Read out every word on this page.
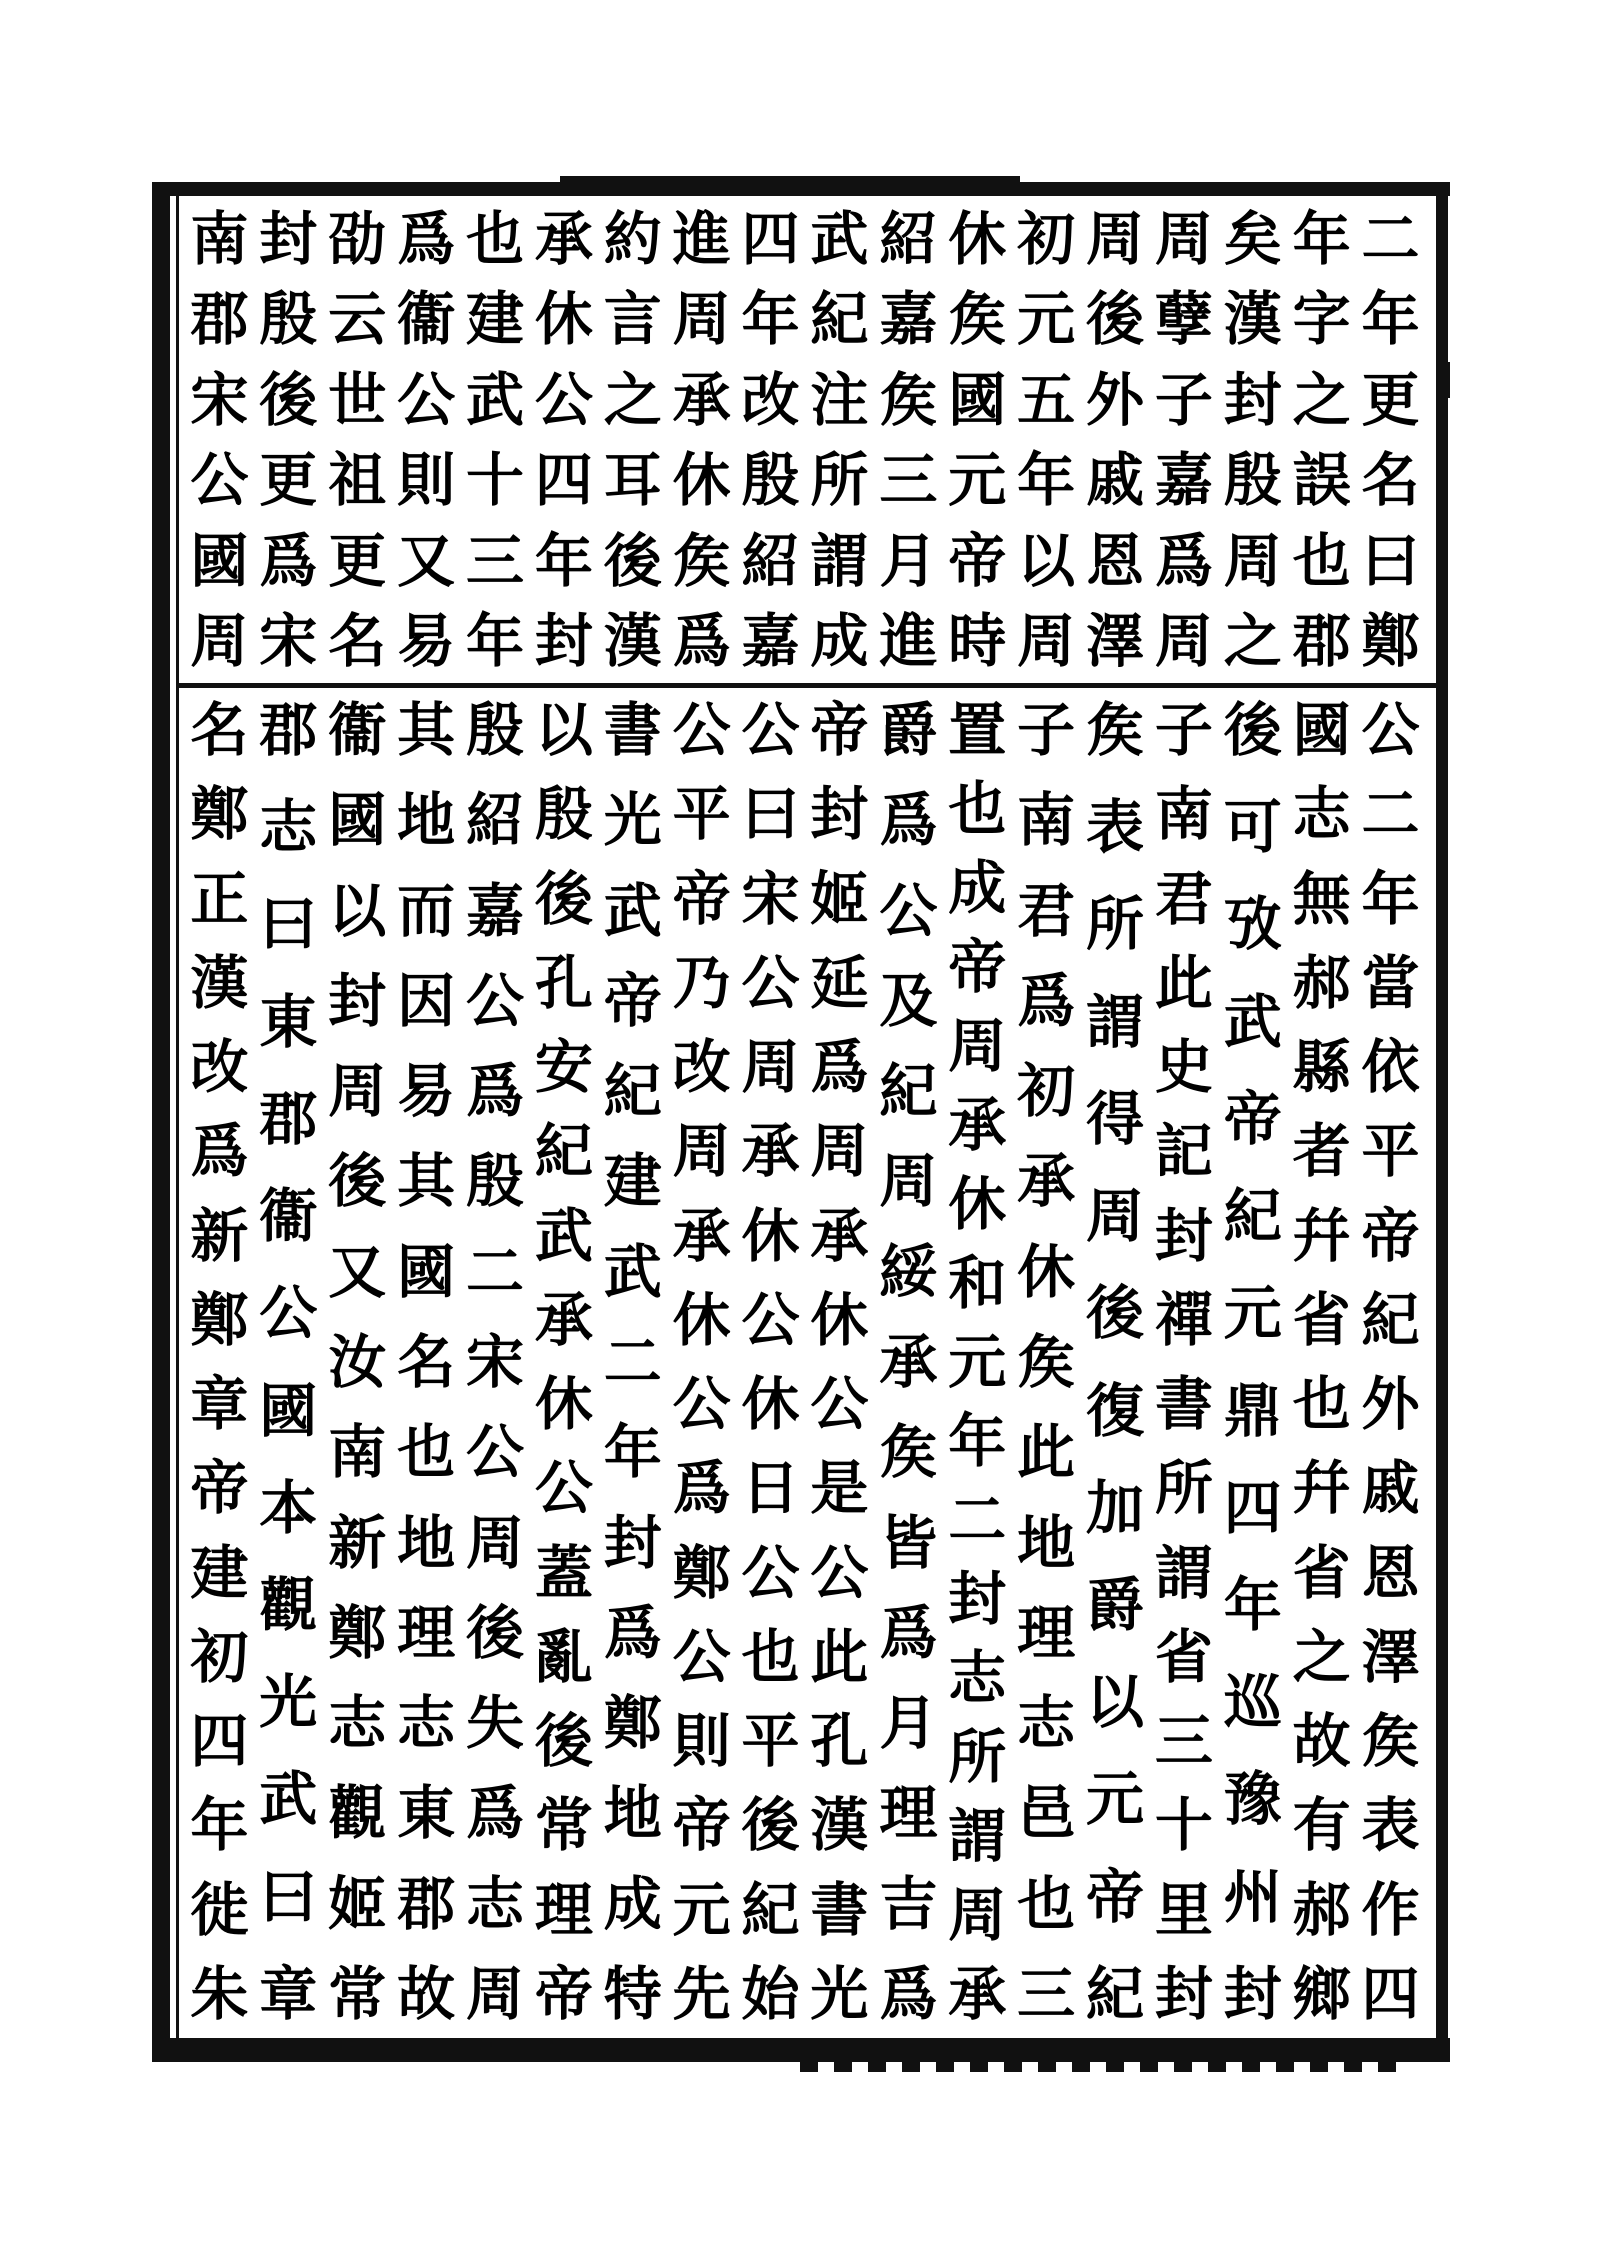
二
年
更
名
曰
鄭
年
字
之
誤
也
郡
矣
漢
封
殷
周
之
周
孽
子
嘉
爲
周
周
後
外
戚
恩
澤
初
元
五
年
以
周
休
矦
國
元
帝
時
紹
嘉
矦
三
月
進
武
紀
注
所
謂
成
四
年
改
殷
紹
嘉
進
周
承
休
矦
爲
約
言
之
耳
後
漢
承
休
公
四
年
封
也
建
武
十
三
年
爲
衞
公
則
又
易
劭
云
世
祖
更
名
封
殷
後
更
爲
宋
南
郡
宋
公
國
周
公
二
年
當
依
平
帝
紀
外
戚
恩
澤
矦
表
作
四
國
志
無
郝
縣
者
幷
省
也
幷
省
之
故
有
郝
鄉
後
可
攷
武
帝
紀
元
鼎
四
年
巡
豫
州
封
子
南
君
此
史
記
封
禪
書
所
謂
省
三
十
里
封
矦
表
所
謂
得
周
後
復
加
爵
以
元
帝
紀
子
南
君
爲
初
承
休
矦
此
地
理
志
邑
也
三
置
也
成
帝
周
承
休
和
元
年
二
封
志
所
謂
周
承
爵
爲
公
及
紀
周
綏
承
矦
皆
爲
月
理
吉
爲
帝
封
姬
延
爲
周
承
休
公
是
公
此
孔
漢
書
光
公
曰
宋
公
周
承
休
公
休
日
公
也
平
後
紀
始
公
平
帝
乃
改
周
承
休
公
爲
鄭
公
則
帝
元
先
書
光
武
帝
紀
建
武
二
年
封
爲
鄭
地
成
特
以
殷
後
孔
安
紀
武
承
休
公
蓋
亂
後
常
理
帝
殷
紹
嘉
公
爲
殷
二
宋
公
周
後
失
爲
志
周
其
地
而
因
易
其
國
名
也
地
理
志
東
郡
故
衞
國
以
封
周
後
又
汝
南
新
鄭
志
觀
姬
常
郡
志
曰
東
郡
衞
公
國
本
觀
光
武
曰
章
名
鄭
正
漢
改
爲
新
鄭
章
帝
建
初
四
年
徙
朱
